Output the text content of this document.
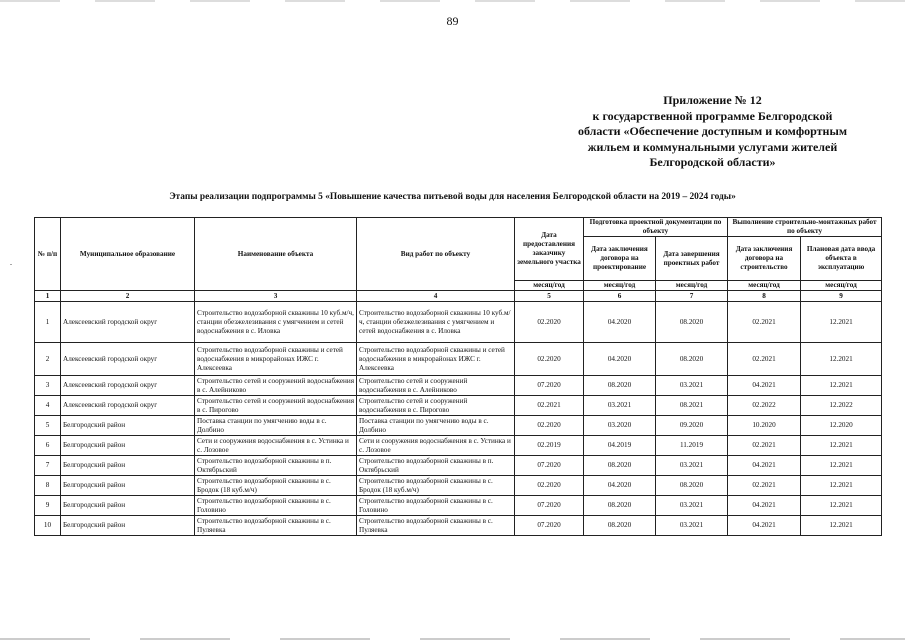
89
Приложение № 12
к государственной программе Белгородской
области «Обеспечение доступным и комфортным
жильем и коммунальными услугами жителей
Белгородской области»
Этапы реализации подпрограммы 5 «Повышение качества питьевой воды для населения Белгородской области на 2019 – 2024 годы»
.
№ п/п	Муниципальное образование	Наименование объекта	Вид работ по объекту	Дата предоставления заказчику земельного участка	Подготовка проектной документации по объекту		Выполнение строительно-монтажных работ по объекту	
					Дата заключения договора на проектирование	Дата завершения проектных работ	Дата заключения договора на строительство	Плановая дата ввода объекта в эксплуатацию
				месяц/год	месяц/год	месяц/год	месяц/год	месяц/год
1	2	3	4	5	6	7	8	9
1	Алексеевский городской округ	Строительство водозаборной скважины 10 куб.м/ч, станции обезжелезивания с умягчением и сетей водоснабжения в с. Иловка	Строительство водозаборной скважины 10 куб.м/ч, станции обезжелезивания с умягчением и сетей водоснабжения в с. Иловка	02.2020	04.2020	08.2020	02.2021	12.2021
2	Алексеевский городской округ	Строительство водозаборной скважины и сетей водоснабжения в микрорайонах ИЖС г. Алексеевка	Строительство водозаборной скважины и сетей водоснабжения в микрорайонах ИЖС г. Алексеевка	02.2020	04.2020	08.2020	02.2021	12.2021
3	Алексеевский городской округ	Строительство сетей и сооружений водоснабжения в с. Алейниково	Строительство сетей и сооружений водоснабжения в с. Алейниково	07.2020	08.2020	03.2021	04.2021	12.2021
4	Алексеевский городской округ	Строительство сетей и сооружений водоснабжения в с. Пирогово	Строительство сетей и сооружений водоснабжения в с. Пирогово	02.2021	03.2021	08.2021	02.2022	12.2022
5	Белгородский район	Поставка станции по умягчению воды в с. Долбино	Поставка станции по умягчению воды в с. Долбино	02.2020	03.2020	09.2020	10.2020	12.2020
6	Белгородский район	Сети и сооружения водоснабжения в с. Устинка и с. Лозовое	Сети и сооружения водоснабжения в с. Устинка и с. Лозовое	02.2019	04.2019	11.2019	02.2021	12.2021
7	Белгородский район	Строительство водозаборной скважины в п. Октябрьский	Строительство водозаборной скважины в п. Октябрьский	07.2020	08.2020	03.2021	04.2021	12.2021
8	Белгородский район	Строительство водозаборной скважины в с. Бродок (18 куб.м/ч)	Строительство водозаборной скважины в с. Бродок (18 куб.м/ч)	02.2020	04.2020	08.2020	02.2021	12.2021
9	Белгородский район	Строительство водозаборной скважины в с. Головино	Строительство водозаборной скважины в с. Головино	07.2020	08.2020	03.2021	04.2021	12.2021
10	Белгородский район	Строительство водозаборной скважины в с. Пуляевка	Строительство водозаборной скважины в с. Пуляевка	07.2020	08.2020	03.2021	04.2021	12.2021
